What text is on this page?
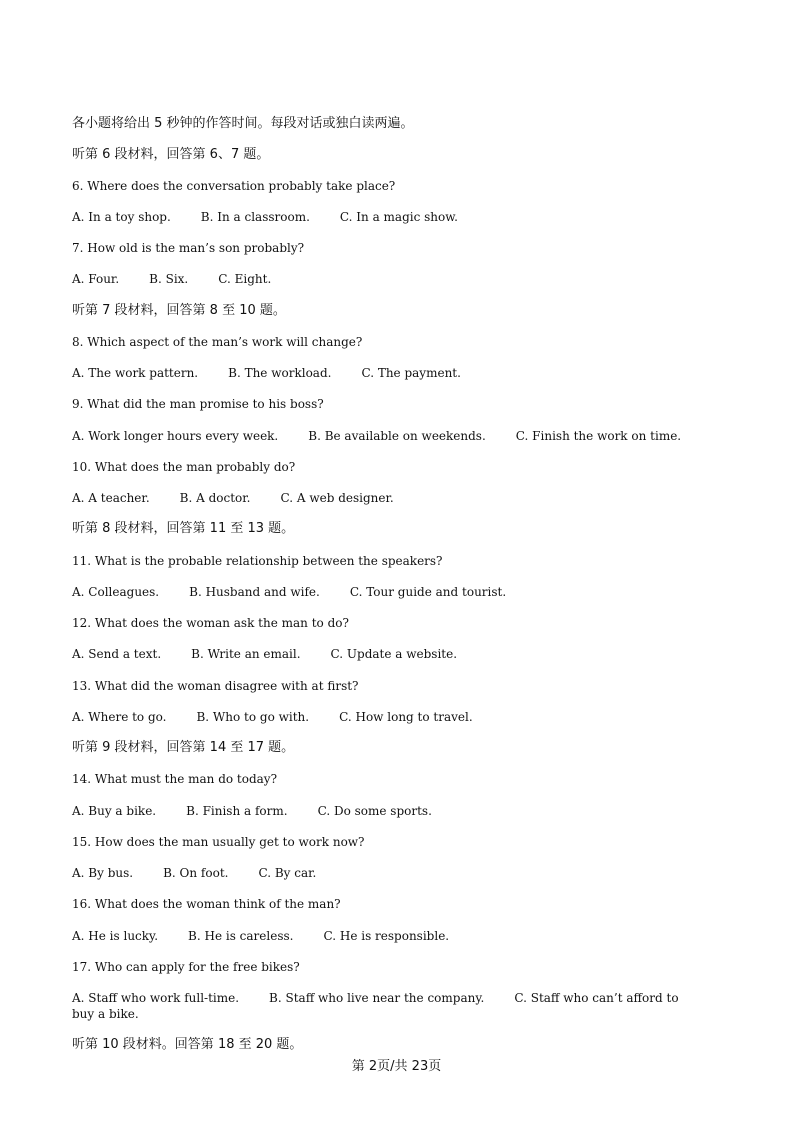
各小题将给出 5 秒钟的作答时间。每段对话或独白读两遍。
听第 6 段材料，回答第 6、7 题。
6. Where does the conversation probably take place?
A. In a toy shop.	B. In a classroom.	C. In a magic show.
7. How old is the man’s son probably?
A. Four.	B. Six.	C. Eight.
听第 7 段材料，回答第 8 至 10 题。
8. Which aspect of the man’s work will change?
A. The work pattern.	B. The workload.	C. The payment.
9. What did the man promise to his boss?
A. Work longer hours every week.	B. Be available on weekends.	C. Finish the work on time.
10. What does the man probably do?
A. A teacher.	B. A doctor.	C. A web designer.
听第 8 段材料，回答第 11 至 13 题。
11. What is the probable relationship between the speakers?
A. Colleagues.	B. Husband and wife.	C. Tour guide and tourist.
12. What does the woman ask the man to do?
A. Send a text.	B. Write an email.	C. Update a website.
13. What did the woman disagree with at first?
A. Where to go.	B. Who to go with.	C. How long to travel.
听第 9 段材料，回答第 14 至 17 题。
14. What must the man do today?
A. Buy a bike.	B. Finish a form.	C. Do some sports.
15. How does the man usually get to work now?
A. By bus.	B. On foot.	C. By car.
16. What does the woman think of the man?
A. He is lucky.	B. He is careless.	C. He is responsible.
17. Who can apply for the free bikes?
A. Staff who work full-time.	B. Staff who live near the company.	C. Staff who can’t afford to
buy a bike.
听第 10 段材料。回答第 18 至 20 题。
第 2页/共 23页
